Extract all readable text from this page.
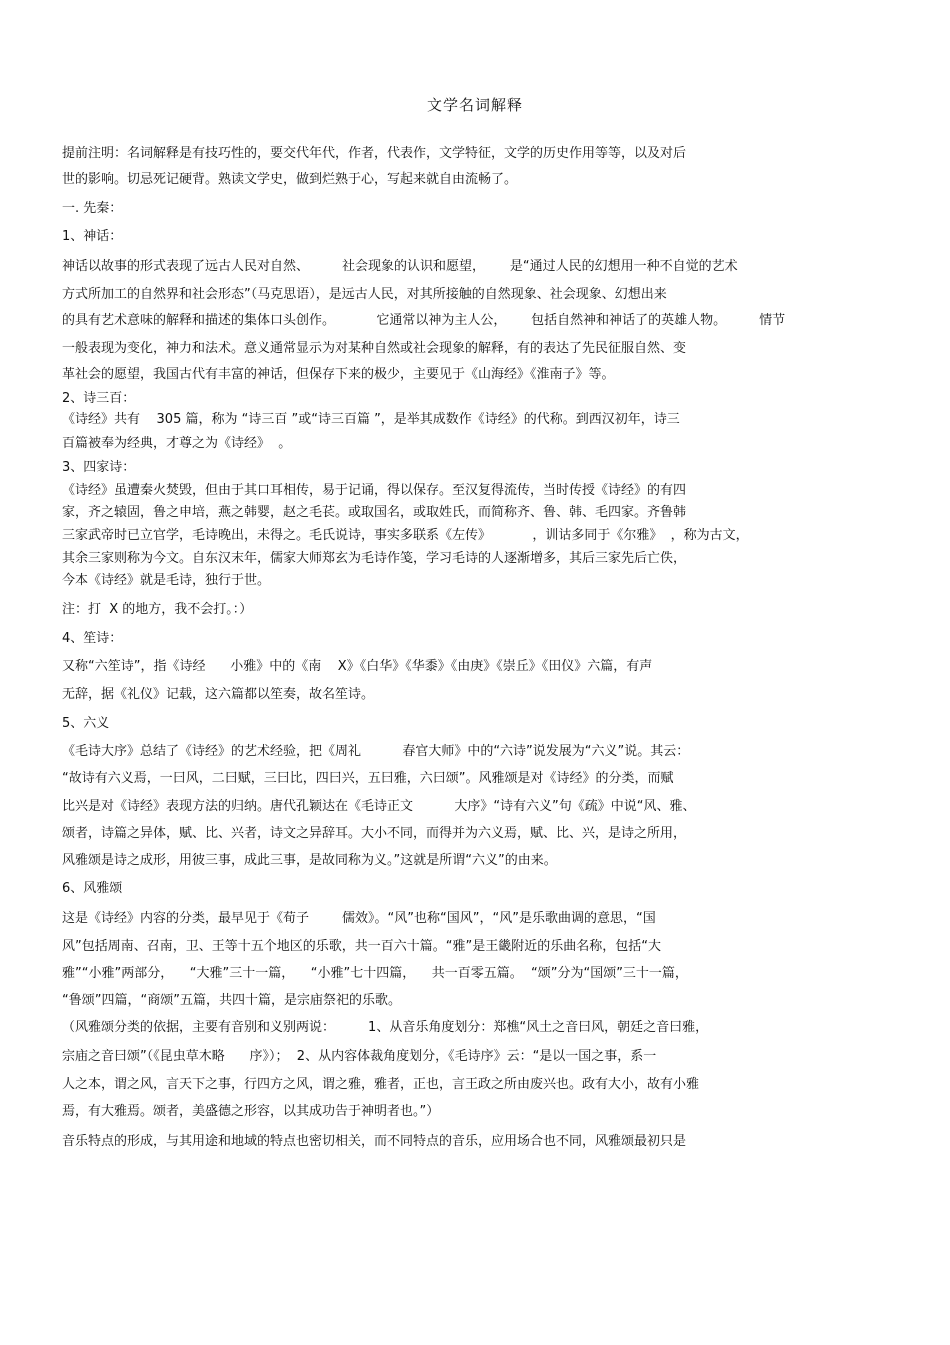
文学名词解释
提前注明：名词解释是有技巧性的，要交代年代，作者，代表作，文学特征，文学的历史作用等等，以及对后
世的影响。切忌死记硬背。熟读文学史，做到烂熟于心，写起来就自由流畅了。
一. 先秦：
1、神话：
神话以故事的形式表现了远古人民对自然、        社会现象的认识和愿望，      是“通过人民的幻想用一种不自觉的艺术
方式所加工的自然界和社会形态”（马克思语），是远古人民，对其所接触的自然现象、社会现象、幻想出来
的具有艺术意味的解释和描述的集体口头创作。          它通常以神为主人公，      包括自然神和神话了的英雄人物。        情节
一般表现为变化，神力和法术。意义通常显示为对某种自然或社会现象的解释，有的表达了先民征服自然、变
革社会的愿望，我国古代有丰富的神话，但保存下来的极少，主要见于《山海经》《淮南子》等。
2、诗三百：
《诗经》共有    305 篇，称为 “诗三百 ”或“诗三百篇 ”，是举其成数作《诗经》的代称。到西汉初年，诗三
百篇被奉为经典，才尊之为《诗经》  。
3、四家诗：
《诗经》虽遭秦火焚毁，但由于其口耳相传，易于记诵，得以保存。至汉复得流传，当时传授《诗经》的有四
家，齐之辕固，鲁之申培，燕之韩婴，赵之毛苌。或取国名，或取姓氏，而简称齐、鲁、韩、毛四家。齐鲁韩
三家武帝时已立官学，毛诗晚出，未得之。毛氏说诗，事实多联系《左传》          ，训诂多同于《尔雅》  ，称为古文，
其余三家则称为今文。自东汉末年，儒家大师郑玄为毛诗作笺，学习毛诗的人逐渐增多，其后三家先后亡佚，
今本《诗经》就是毛诗，独行于世。
注：打  X 的地方，我不会打。：）
4、笙诗：
又称“六笙诗”，指《诗经      小雅》中的《南    X》《白华》《华黍》《由庚》《崇丘》《田仪》六篇，有声
无辞，据《礼仪》记载，这六篇都以笙奏，故名笙诗。
5、六义
《毛诗大序》总结了《诗经》的艺术经验，把《周礼          春官大师》中的“六诗”说发展为“六义”说。其云：
“故诗有六义焉，一曰风，二曰赋，三曰比，四曰兴，五曰雅，六曰颂”。风雅颂是对《诗经》的分类，而赋
比兴是对《诗经》表现方法的归纳。唐代孔颖达在《毛诗正文          大序》“诗有六义”句《疏》中说“风、雅、
颂者，诗篇之异体，赋、比、兴者，诗文之异辞耳。大小不同，而得并为六义焉，赋、比、兴，是诗之所用，
风雅颂是诗之成形，用彼三事，成此三事，是故同称为义。”这就是所谓“六义”的由来。
6、风雅颂
这是《诗经》内容的分类，最早见于《荀子        儒效》。“风”也称“国风”，“风”是乐歌曲调的意思，“国
风”包括周南、召南，卫、王等十五个地区的乐歌，共一百六十篇。“雅”是王畿附近的乐曲名称，包括“大
雅”“小雅”两部分，    “大雅”三十一篇，    “小雅”七十四篇，    共一百零五篇。  “颂”分为“国颂”三十一篇，
“鲁颂”四篇，“商颂”五篇，共四十篇，是宗庙祭祀的乐歌。
（风雅颂分类的依据，主要有音别和义别两说：        1、从音乐角度划分：郑樵“风土之音曰风，朝廷之音曰雅，
宗庙之音曰颂”（《昆虫草木略      序》）；  2、从内容体裁角度划分，《毛诗序》云：“是以一国之事，系一
人之本，谓之风，言天下之事，行四方之风，谓之雅，雅者，正也，言王政之所由废兴也。政有大小，故有小雅
焉，有大雅焉。颂者，美盛德之形容，以其成功告于神明者也。”）
音乐特点的形成，与其用途和地域的特点也密切相关，而不同特点的音乐，应用场合也不同，风雅颂最初只是
